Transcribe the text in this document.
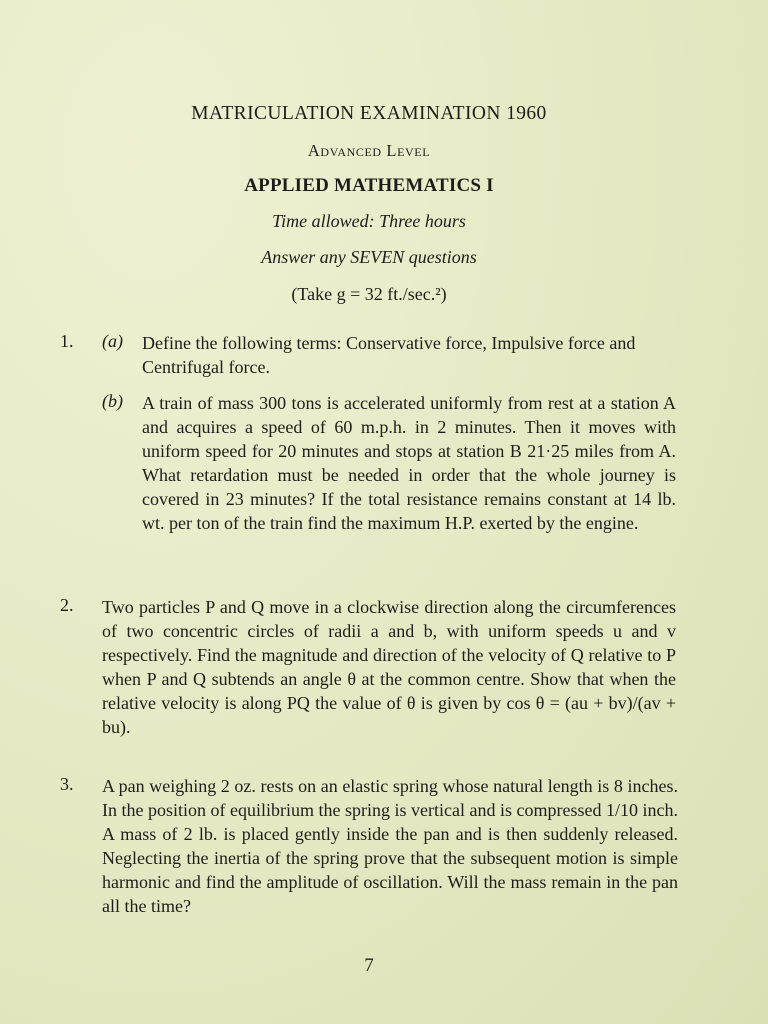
MATRICULATION EXAMINATION 1960
Advanced Level
APPLIED MATHEMATICS I
Time allowed: Three hours
Answer any SEVEN questions
(Take g = 32 ft./sec.²)
1. (a) Define the following terms: Conservative force, Impulsive force and Centrifugal force.

(b) A train of mass 300 tons is accelerated uniformly from rest at a station A and acquires a speed of 60 m.p.h. in 2 minutes. Then it moves with uniform speed for 20 minutes and stops at station B 21·25 miles from A. What retardation must be needed in order that the whole journey is covered in 23 minutes? If the total resistance remains constant at 14 lb. wt. per ton of the train find the maximum H.P. exerted by the engine.

2. Two particles P and Q move in a clockwise direction along the circumferences of two concentric circles of radii a and b, with uniform speeds u and v respectively. Find the magnitude and direction of the velocity of Q relative to P when P and Q subtends an angle θ at the common centre. Show that when the relative velocity is along PQ the value of θ is given by cos θ = (au + bv)/(av + bu).

3. A pan weighing 2 oz. rests on an elastic spring whose natural length is 8 inches. In the position of equilibrium the spring is vertical and is compressed 1/10 inch. A mass of 2 lb. is placed gently inside the pan and is then suddenly released. Neglecting the inertia of the spring prove that the subsequent motion is simple harmonic and find the amplitude of oscillation. Will the mass remain in the pan all the time?

7
